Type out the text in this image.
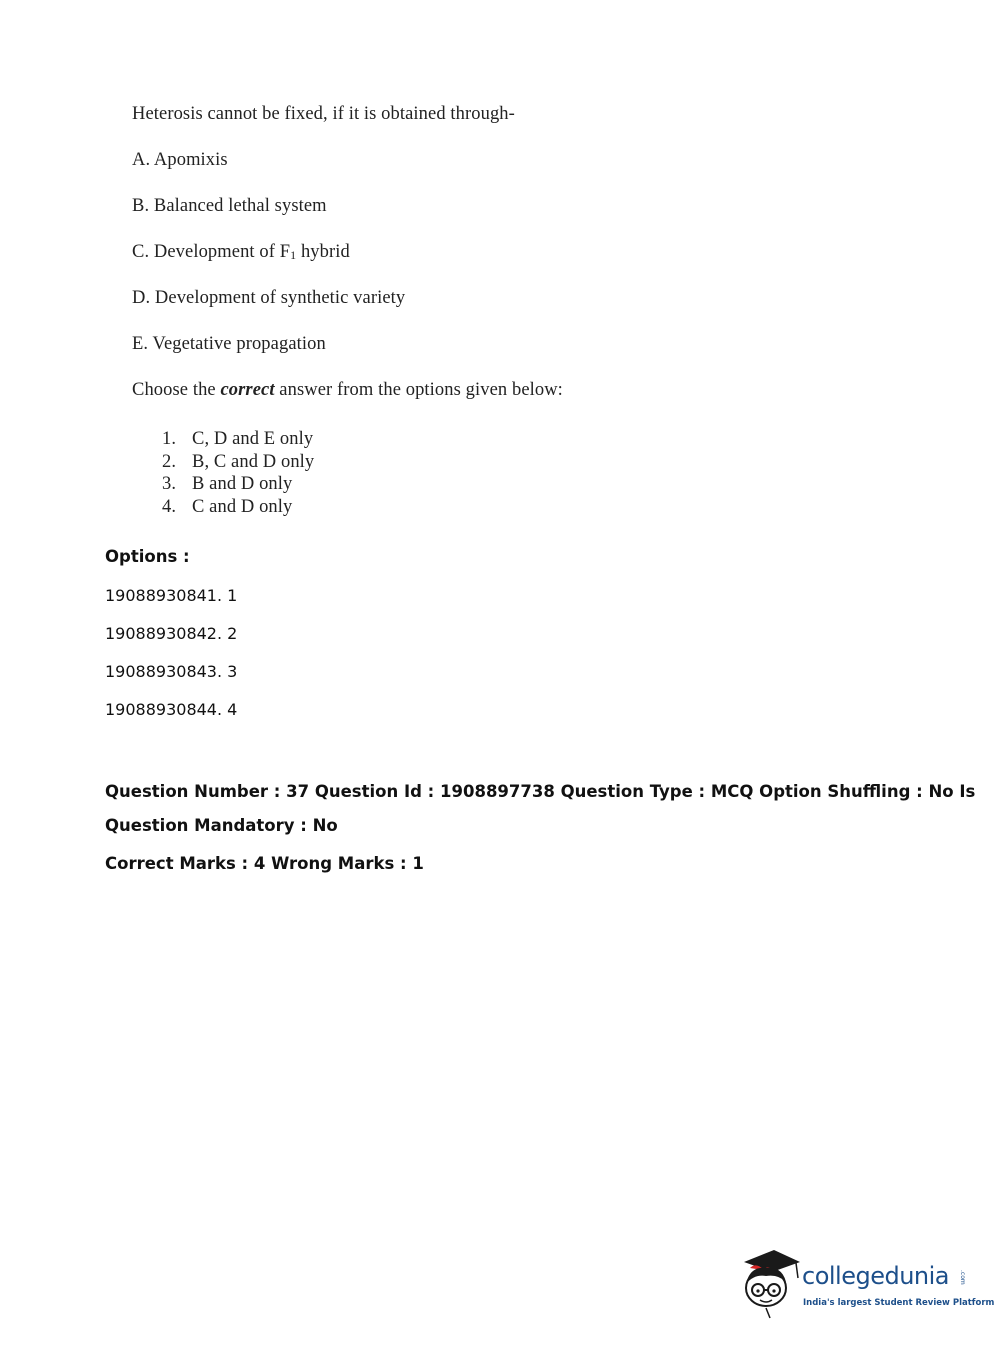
Heterosis cannot be fixed, if it is obtained through-
A. Apomixis
B. Balanced lethal system
C. Development of F1 hybrid
D. Development of synthetic variety
E. Vegetative propagation
Choose the correct answer from the options given below:
1. C, D and E only
2. B, C and D only
3. B and D only
4. C and D only
Options :
19088930841. 1
19088930842. 2
19088930843. 3
19088930844. 4
Question Number : 37 Question Id : 1908897738 Question Type : MCQ Option Shuffling : No Is
Question Mandatory : No
Correct Marks : 4 Wrong Marks : 1
collegedunia .com
India's largest Student Review Platform
